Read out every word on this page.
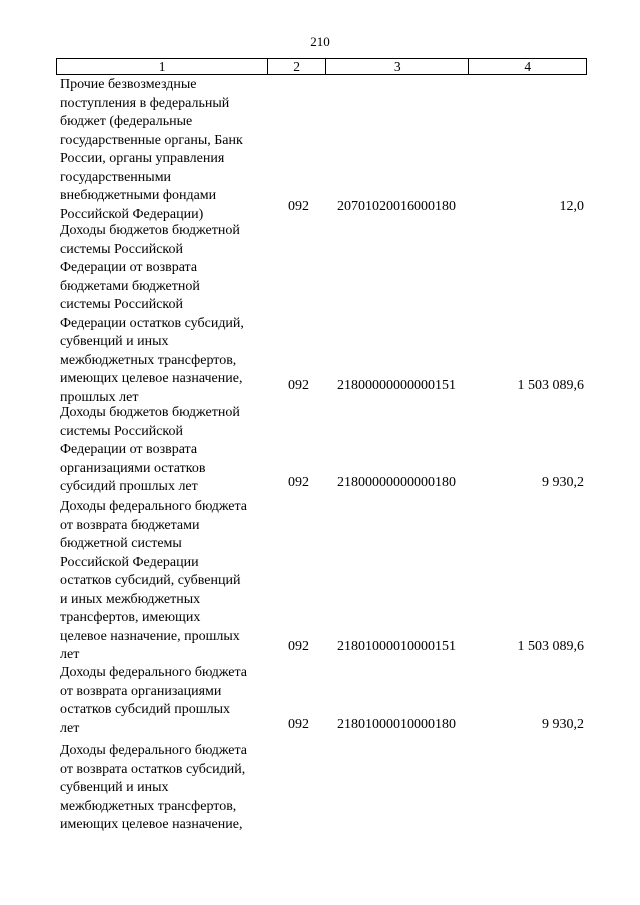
210
1	2	3	4
Прочие безвозмездные
поступления в федеральный
бюджет (федеральные
государственные органы, Банк
России, органы управления
государственными
внебюджетными фондами
Российской Федерации)	092	20701020016000180	12,0
Доходы бюджетов бюджетной
системы Российской
Федерации от возврата
бюджетами бюджетной
системы Российской
Федерации остатков субсидий,
субвенций и иных
межбюджетных трансфертов,
имеющих целевое назначение,
прошлых лет
092	21800000000000151	1 503 089,6
Доходы бюджетов бюджетной
системы Российской
Федерации от возврата
организациями остатков
субсидий прошлых лет	092	21800000000000180	9 930,2
Доходы федерального бюджета
от возврата бюджетами
бюджетной системы
Российской Федерации
остатков субсидий, субвенций
и иных межбюджетных
трансфертов, имеющих
целевое назначение, прошлых
лет
092	21801000010000151	1 503 089,6
Доходы федерального бюджета
от возврата организациями
остатков субсидий прошлых
лет	092	21801000010000180	9 930,2
Доходы федерального бюджета
от возврата остатков субсидий,
субвенций и иных
межбюджетных трансфертов,
имеющих целевое назначение,
